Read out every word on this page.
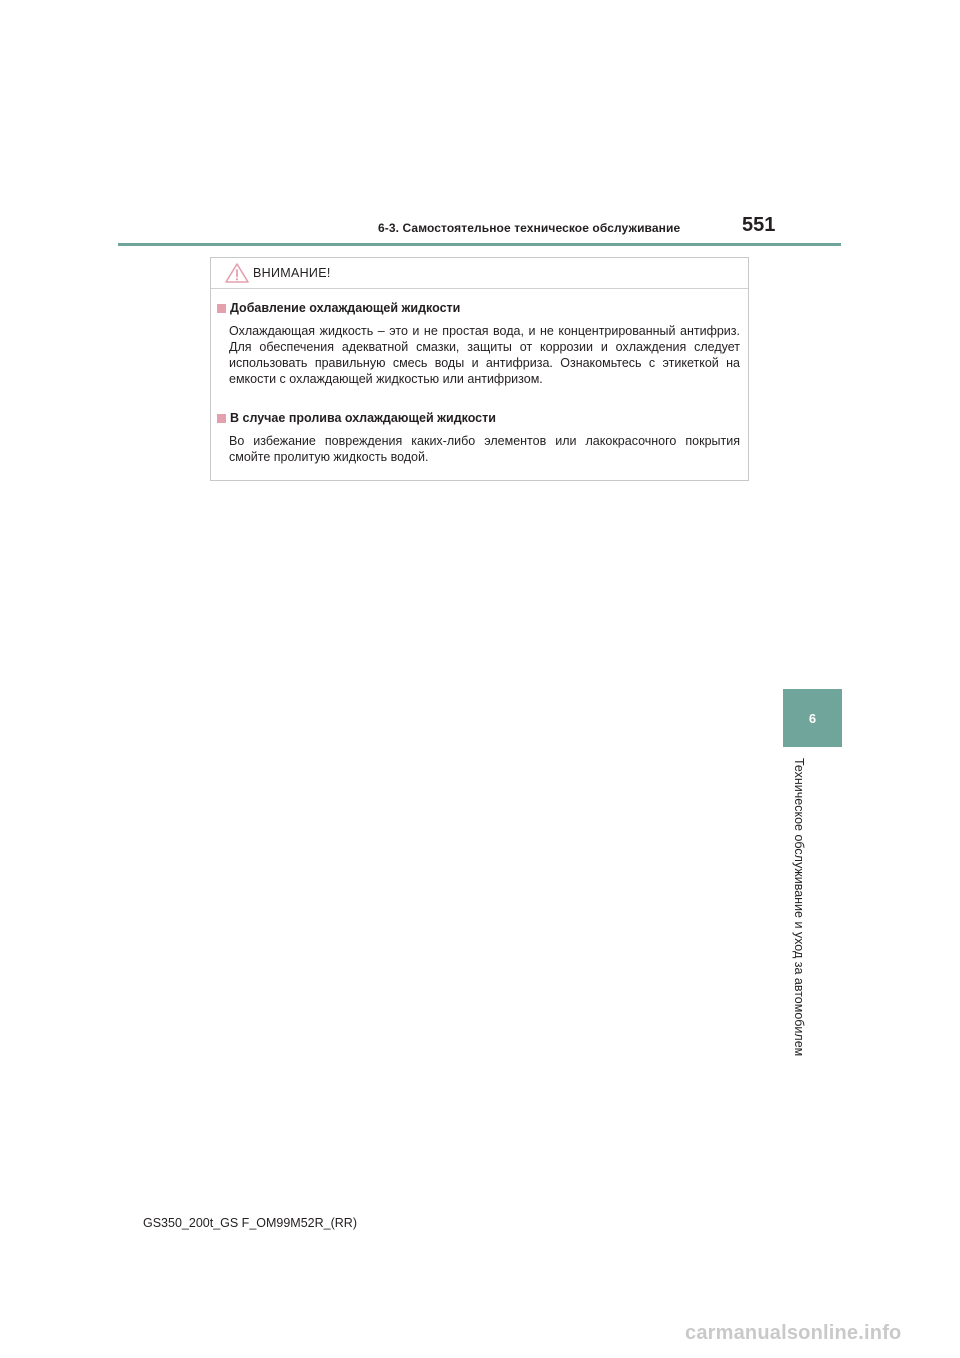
6-3. Самостоятельное техническое обслуживание	551
ВНИМАНИЕ!
Добавление охлаждающей жидкости
Охлаждающая жидкость – это и не простая вода, и не концентрированный антифриз. Для обеспечения адекватной смазки, защиты от коррозии и охлаждения следует использовать правильную смесь воды и антифриза. Ознакомьтесь с этикеткой на емкости с охлаждающей жидкостью или антифризом.
В случае пролива охлаждающей жидкости
Во избежание повреждения каких-либо элементов или лакокрасочного покрытия смойте пролитую жидкость водой.
6
Техническое обслуживание и уход за автомобилем
GS350_200t_GS F_OM99M52R_(RR)
carmanualsonline.info
